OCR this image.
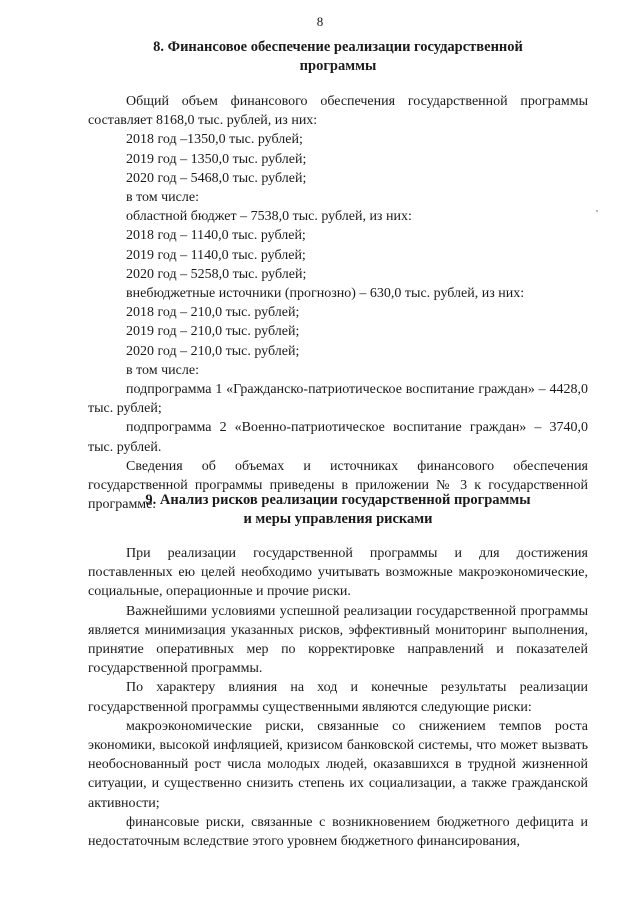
8
8. Финансовое обеспечение реализации государственной
программы

Общий объем финансового обеспечения государственной программы составляет 8168,0 тыс. рублей, из них:

2018 год –1350,0 тыс. рублей;

2019 год – 1350,0 тыс. рублей;

2020 год – 5468,0 тыс. рублей;

в том числе:

областной бюджет – 7538,0 тыс. рублей, из них:

2018 год – 1140,0 тыс. рублей;

2019 год – 1140,0 тыс. рублей;

2020 год – 5258,0 тыс. рублей;

внебюджетные источники (прогнозно) – 630,0 тыс. рублей, из них:

2018 год – 210,0 тыс. рублей;

2019 год – 210,0 тыс. рублей;

2020 год – 210,0 тыс. рублей;

в том числе:

подпрограмма 1 «Гражданско-патриотическое воспитание граждан» – 4428,0 тыс. рублей;

подпрограмма 2 «Военно-патриотическое воспитание граждан» – 3740,0 тыс. рублей.

Сведения об объемах и источниках финансового обеспечения государственной программы приведены в приложении № 3 к государственной программе.

'
9. Анализ рисков реализации государственной программы
и меры управления рисками

При реализации государственной программы и для достижения поставленных ею целей необходимо учитывать возможные макроэкономические, социальные, операционные и прочие риски.

Важнейшими условиями успешной реализации государственной программы является минимизация указанных рисков, эффективный мониторинг выполнения, принятие оперативных мер по корректировке направлений и показателей государственной программы.

По характеру влияния на ход и конечные результаты реализации государственной программы существенными являются следующие риски:

макроэкономические риски, связанные со снижением темпов роста экономики, высокой инфляцией, кризисом банковской системы, что может вызвать необоснованный рост числа молодых людей, оказавшихся в трудной жизненной ситуации, и существенно снизить степень их социализации, а также гражданской активности;

финансовые риски, связанные с возникновением бюджетного дефицита и недостаточным вследствие этого уровнем бюджетного финансирования,
